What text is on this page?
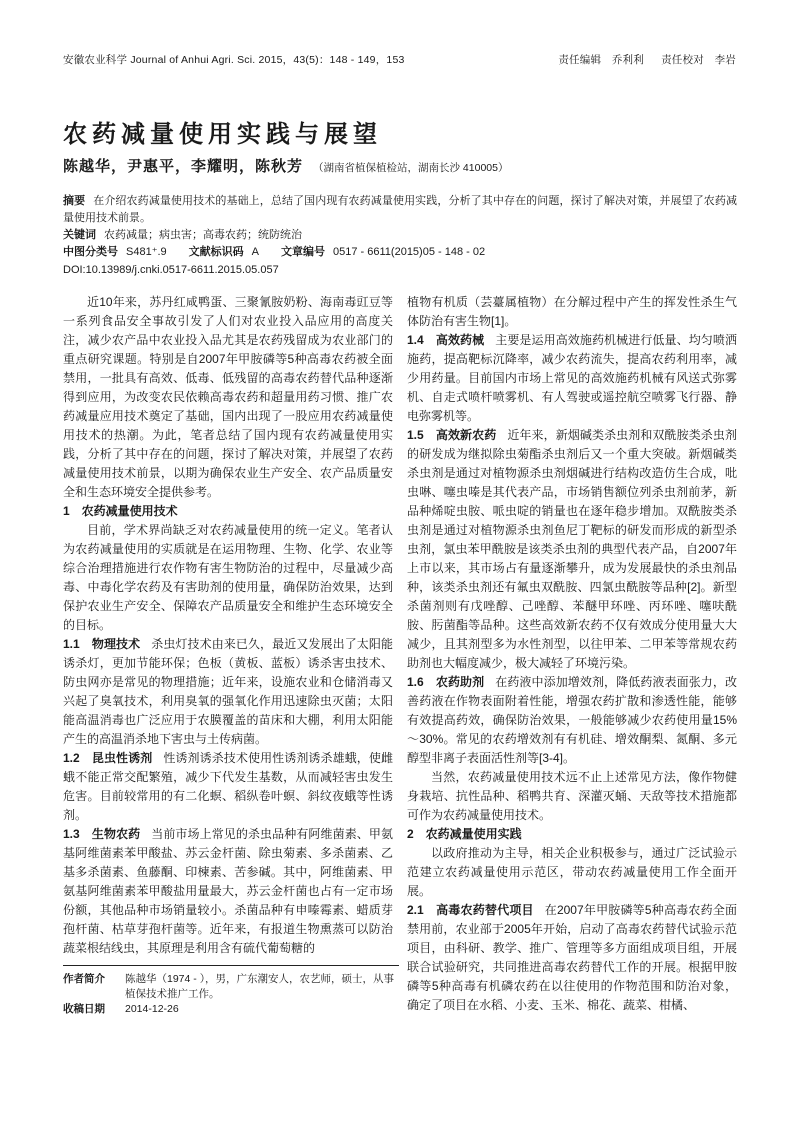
安徽农业科学 Journal of Anhui Agri. Sci. 2015，43(5)：148 - 149，153	责任编辑　乔利利 责任校对　李岩
农药减量使用实践与展望
陈越华，尹惠平，李耀明，陈秋芳 （湖南省植保植检站，湖南长沙 410005）

摘要 在介绍农药减量使用技术的基础上，总结了国内现有农药减量使用实践，分析了其中存在的问题，探讨了解决对策，并展望了农药减量使用技术前景。

关键词 农药减量；病虫害；高毒农药；统防统治

中图分类号 S481⁺.9 文献标识码 A 文章编号 0517 - 6611(2015)05 - 148 - 02

DOI:10.13989/j.cnki.0517-6611.2015.05.057

近10年来，苏丹红咸鸭蛋、三聚氰胺奶粉、海南毒豇豆等一系列食品安全事故引发了人们对农业投入品应用的高度关注，减少农产品中农业投入品尤其是农药残留成为农业部门的重点研究课题。特别是自2007年甲胺磷等5种高毒农药被全面禁用，一批具有高效、低毒、低残留的高毒农药替代品种逐渐得到应用，为改变农民依赖高毒农药和超量用药习惯、推广农药减量应用技术奠定了基础，国内出现了一股应用农药减量使用技术的热潮。为此，笔者总结了国内现有农药减量使用实践，分析了其中存在的问题，探讨了解决对策，并展望了农药减量使用技术前景，以期为确保农业生产安全、农产品质量安全和生态环境安全提供参考。

1　农药减量使用技术

目前，学术界尚缺乏对农药减量使用的统一定义。笔者认为农药减量使用的实质就是在运用物理、生物、化学、农业等综合治理措施进行农作物有害生物防治的过程中，尽量减少高毒、中毒化学农药及有害助剂的使用量，确保防治效果，达到保护农业生产安全、保障农产品质量安全和维护生态环境安全的目标。

1.1　物理技术 杀虫灯技术由来已久，最近又发展出了太阳能诱杀灯，更加节能环保；色板（黄板、蓝板）诱杀害虫技术、防虫网亦是常见的物理措施；近年来，设施农业和仓储消毒又兴起了臭氧技术，利用臭氧的强氧化作用迅速除虫灭菌；太阳能高温消毒也广泛应用于农膜覆盖的苗床和大棚，利用太阳能产生的高温消杀地下害虫与土传病菌。

1.2　昆虫性诱剂 性诱剂诱杀技术使用性诱剂诱杀雄蛾，使雌蛾不能正常交配繁殖，减少下代发生基数，从而减轻害虫发生危害。目前较常用的有二化螟、稻纵卷叶螟、斜纹夜蛾等性诱剂。

1.3　生物农药 当前市场上常见的杀虫品种有阿维菌素、甲氨基阿维菌素苯甲酸盐、苏云金杆菌、除虫菊素、多杀菌素、乙基多杀菌素、鱼藤酮、印楝素、苦参碱。其中，阿维菌素、甲氨基阿维菌素苯甲酸盐用量最大，苏云金杆菌也占有一定市场份额，其他品种市场销量较小。杀菌品种有申嗪霉素、蜡质芽孢杆菌、枯草芽孢杆菌等。近年来，有报道生物熏蒸可以防治蔬菜根结线虫，其原理是利用含有硫代葡萄糖的

植物有机质（芸薹属植物）在分解过程中产生的挥发性杀生气体防治有害生物[1]。

1.4　高效药械 主要是运用高效施药机械进行低量、均匀喷洒施药，提高靶标沉降率，减少农药流失，提高农药利用率，减少用药量。目前国内市场上常见的高效施药机械有风送式弥雾机、自走式喷杆喷雾机、有人驾驶或遥控航空喷雾飞行器、静电弥雾机等。

1.5　高效新农药 近年来，新烟碱类杀虫剂和双酰胺类杀虫剂的研发成为继拟除虫菊酯杀虫剂后又一个重大突破。新烟碱类杀虫剂是通过对植物源杀虫剂烟碱进行结构改造仿生合成，吡虫啉、噻虫嗪是其代表产品，市场销售额位列杀虫剂前茅，新品种烯啶虫胺、哌虫啶的销量也在逐年稳步增加。双酰胺类杀虫剂是通过对植物源杀虫剂鱼尼丁靶标的研发而形成的新型杀虫剂，氯虫苯甲酰胺是该类杀虫剂的典型代表产品，自2007年上市以来，其市场占有量逐渐攀升，成为发展最快的杀虫剂品种，该类杀虫剂还有氟虫双酰胺、四氯虫酰胺等品种[2]。新型杀菌剂则有戊唑醇、己唑醇、苯醚甲环唑、丙环唑、噻呋酰胺、肟菌酯等品种。这些高效新农药不仅有效成分使用量大大减少，且其剂型多为水性剂型，以往甲苯、二甲苯等常规农药助剂也大幅度减少，极大减轻了环境污染。

1.6　农药助剂 在药液中添加增效剂，降低药液表面张力，改善药液在作物表面附着性能，增强农药扩散和渗透性能，能够有效提高药效，确保防治效果，一般能够减少农药使用量15%～30%。常见的农药增效剂有有机硅、增效酮梨、氮酮、多元醇型非离子表面活性剂等[3-4]。

当然，农药减量使用技术远不止上述常见方法，像作物健身栽培、抗性品种、稻鸭共育、深灌灭蛹、天敌等技术措施都可作为农药减量使用技术。

2　农药减量使用实践

以政府推动为主导，相关企业积极参与，通过广泛试验示范建立农药减量使用示范区，带动农药减量使用工作全面开展。

2.1　高毒农药替代项目 在2007年甲胺磷等5种高毒农药全面禁用前，农业部于2005年开始，启动了高毒农药替代试验示范项目，由科研、教学、推广、管理等多方面组成项目组，开展联合试验研究，共同推进高毒农药替代工作的开展。根据甲胺磷等5种高毒有机磷农药在以往使用的作物范围和防治对象，确定了项目在水稻、小麦、玉米、棉花、蔬菜、柑橘、

作者简介	陈越华（1974 - ），男，广东潮安人，农艺师，硕士，从事植保技术推广工作。
收稿日期	2014-12-26
